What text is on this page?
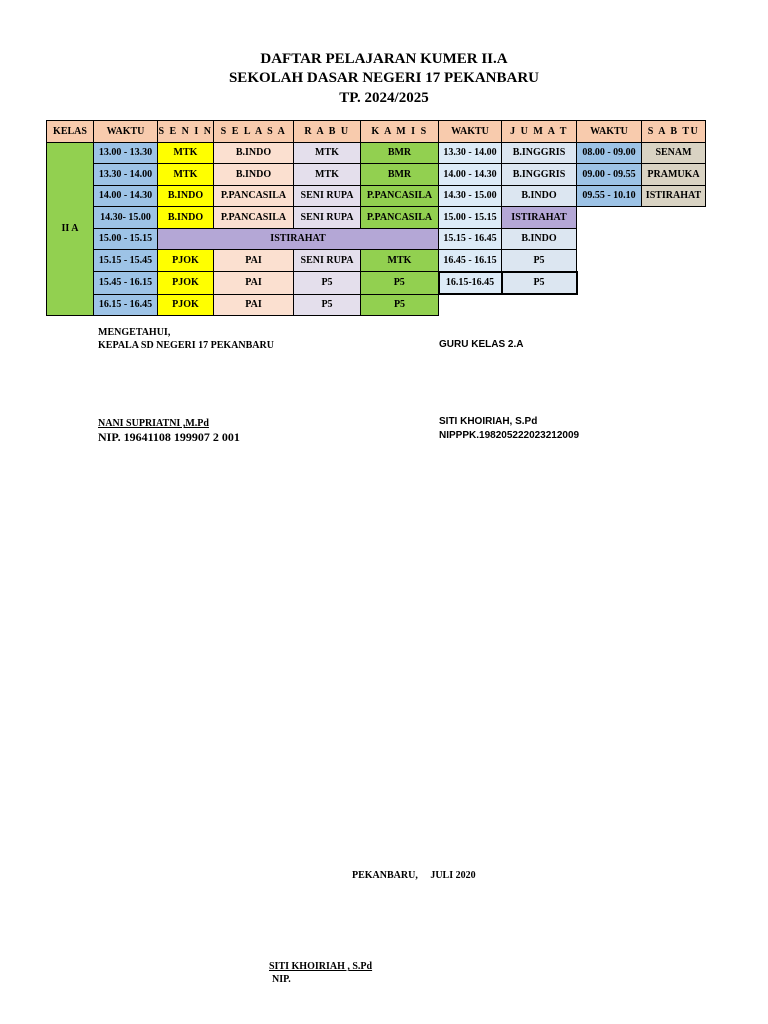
DAFTAR PELAJARAN KUMER II.A
SEKOLAH DASAR NEGERI 17 PEKANBARU
TP. 2024/2025
KELAS	WAKTU	S E N I N	S E L A S A	R A B U	K A M I S	WAKTU	J U M A T	WAKTU	S A B TU
II A	13.00 - 13.30	MTK	B.INDO	MTK	BMR	13.30 - 14.00	B.INGGRIS	08.00 - 09.00	SENAM
	13.30 - 14.00	MTK	B.INDO	MTK	BMR	14.00 - 14.30	B.INGGRIS	09.00 - 09.55	PRAMUKA
	14.00 - 14.30	B.INDO	P.PANCASILA	SENI RUPA	P.PANCASILA	14.30 - 15.00	B.INDO	09.55 - 10.10	ISTIRAHAT
	14.30- 15.00	B.INDO	P.PANCASILA	SENI RUPA	P.PANCASILA	15.00 - 15.15	ISTIRAHAT		
	15.00 - 15.15	ISTIRAHAT				15.15 - 16.45	B.INDO		
	15.15 - 15.45	PJOK	PAI	SENI RUPA	MTK	16.45 - 16.15	P5		
	15.45 - 16.15	PJOK	PAI	P5	P5	16.15-16.45	P5		
	16.15 - 16.45	PJOK	PAI	P5	P5				
MENGETAHUI,
KEPALA SD NEGERI 17 PEKANBARU	GURU KELAS 2.A
NANI SUPRIATNI ,M.Pd
NIP. 19641108 199907 2 001
SITI KHOIRIAH, S.Pd
NIPPPK.198205222023212009
PEKANBARU,     JULI 2020
SITI KHOIRIAH , S.Pd
NIP.
